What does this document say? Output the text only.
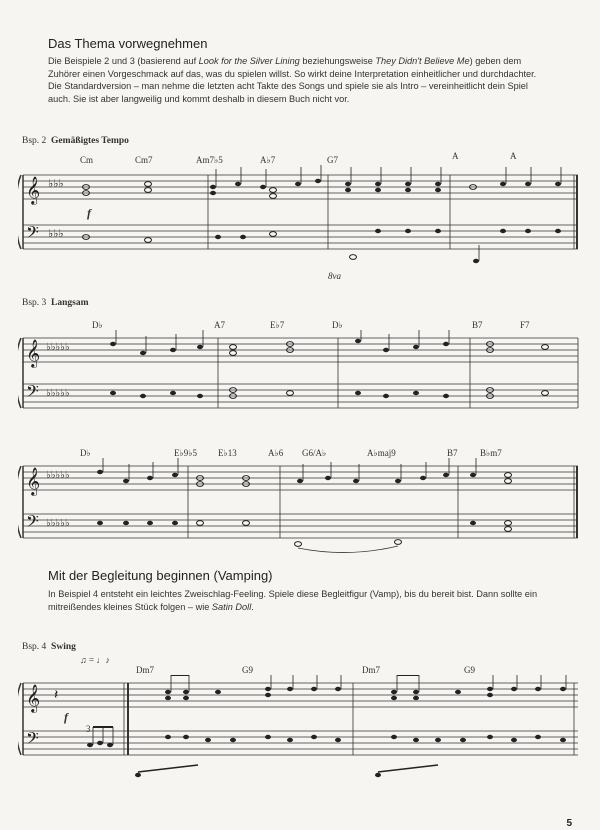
Das Thema vorwegnehmen
Die Beispiele 2 und 3 (basierend auf Look for the Silver Lining beziehungsweise They Didn't Believe Me) geben dem Zuhörer einen Vorgeschmack auf das, was du spielen willst. So wirkt deine Interpretation einheitlicher und durchdachter. Die Standardversion – man nehme die letzten acht Takte des Songs und spiele sie als Intro – vereinheitlicht dein Spiel auch. Sie ist aber langweilig und kommt deshalb in diesem Buch nicht vor.
Bsp. 2 Gemäßigtes Tempo
Cm	Cm7	Am7♭5	A♭7	G7	A	A
f
8va
𝄞
𝄢
♭♭♭
♭♭♭
Bsp. 3 Langsam
D♭	A7	E♭7	D♭	B7	F7
𝄞
𝄢
♭♭♭♭♭
♭♭♭♭♭
D♭	E♭9♭5 E♭13	A♭6 G6/A♭	A♭maj9	B7 B♭m7
𝄞
𝄢
♭♭♭♭♭
♭♭♭♭♭
Mit der Begleitung beginnen (Vamping)
In Beispiel 4 entsteht ein leichtes Zweischlag-Feeling. Spiele diese Begleitfigur (Vamp), bis du bereit bist. Dann sollte ein mitreißendes kleines Stück folgen – wie Satin Doll.
Bsp. 4 Swing
♫ = ♩♪
Dm7	G9	Dm7	G9
f
3
𝄞
𝄢
𝄽
5
